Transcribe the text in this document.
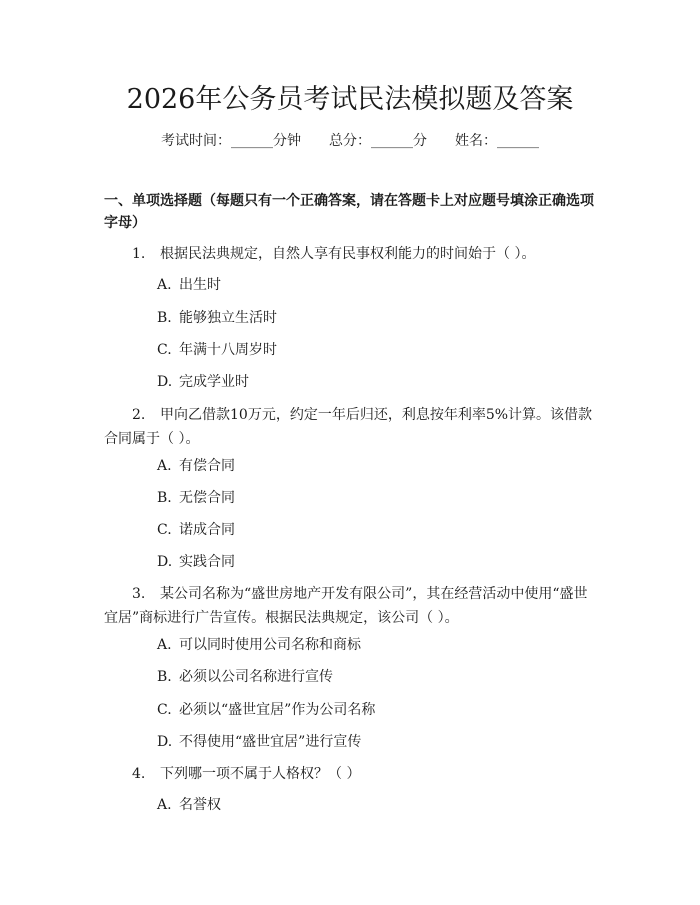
2026年公务员考试民法模拟题及答案
考试时间：______分钟 总分：______分 姓名：______
一、单项选择题（每题只有一个正确答案，请在答题卡上对应题号填涂正确选项字母）
1. 根据民法典规定，自然人享有民事权利能力的时间始于（ ）。
A. 出生时
B. 能够独立生活时
C. 年满十八周岁时
D. 完成学业时
2. 甲向乙借款10万元，约定一年后归还，利息按年利率5%计算。该借款合同属于（ ）。
A. 有偿合同
B. 无偿合同
C. 诺成合同
D. 实践合同
3. 某公司名称为“盛世房地产开发有限公司”，其在经营活动中使用“盛世宜居”商标进行广告宣传。根据民法典规定，该公司（ ）。
A. 可以同时使用公司名称和商标
B. 必须以公司名称进行宣传
C. 必须以“盛世宜居”作为公司名称
D. 不得使用“盛世宜居”进行宣传
4. 下列哪一项不属于人格权？（ ）
A. 名誉权
